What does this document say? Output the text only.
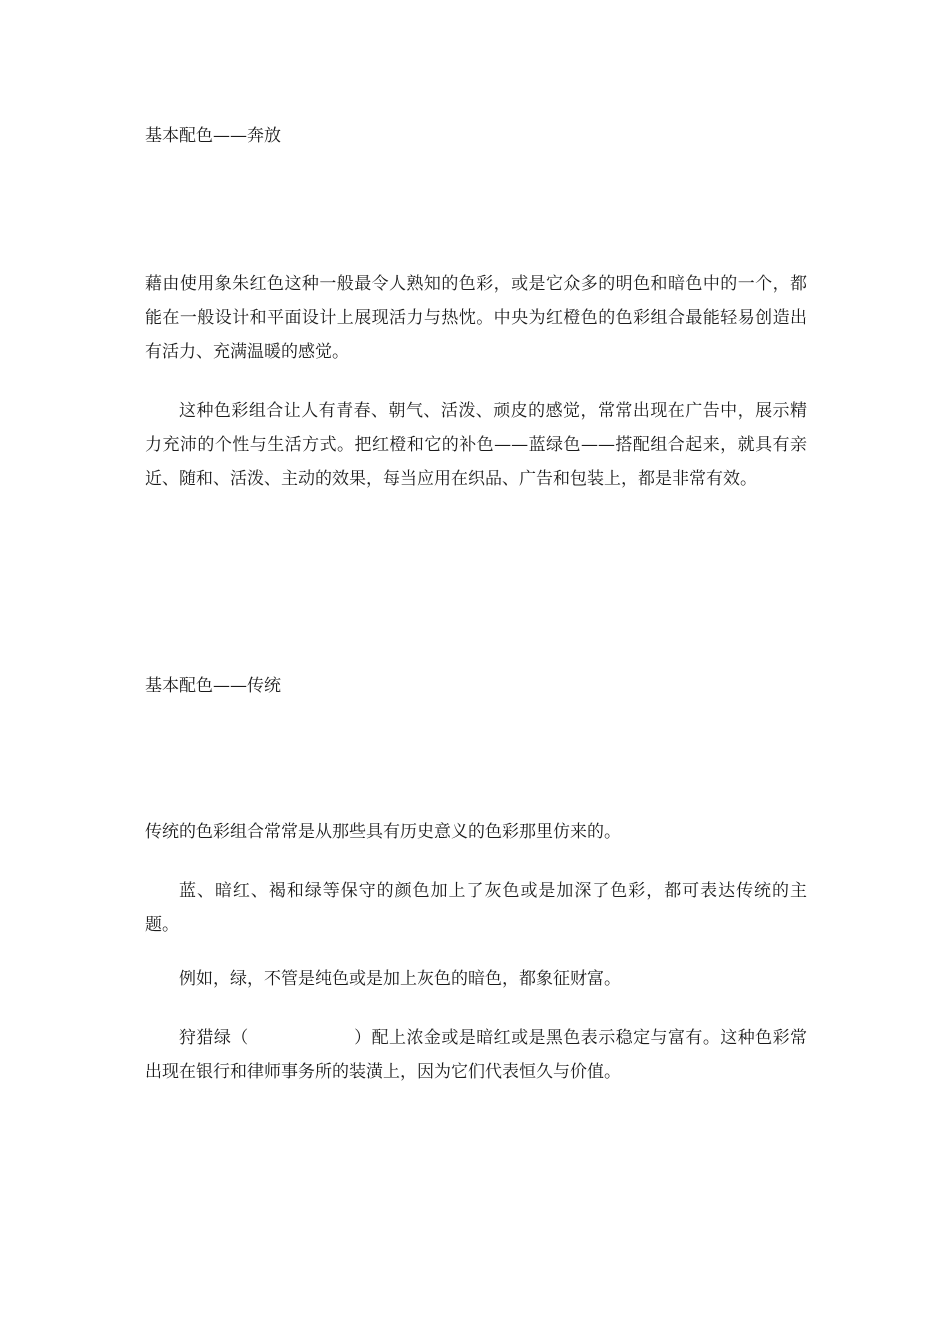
基本配色——奔放

藉由使用象朱红色这种一般最令人熟知的色彩，或是它众多的明色和暗色中的一个，都能在一般设计和平面设计上展现活力与热忱。中央为红橙色的色彩组合最能轻易创造出有活力、充满温暖的感觉。

这种色彩组合让人有青春、朝气、活泼、顽皮的感觉，常常出现在广告中，展示精力充沛的个性与生活方式。把红橙和它的补色——蓝绿色——搭配组合起来，就具有亲近、随和、活泼、主动的效果，每当应用在织品、广告和包装上，都是非常有效。

基本配色——传统

传统的色彩组合常常是从那些具有历史意义的色彩那里仿来的。

蓝、暗红、褐和绿等保守的颜色加上了灰色或是加深了色彩，都可表达传统的主题。

例如，绿，不管是纯色或是加上灰色的暗色，都象征财富。

狩猎绿（	）配上浓金或是暗红或是黑色表示稳定与富有。这种色彩常出现在银行和律师事务所的装潢上，因为它们代表恒久与价值。
